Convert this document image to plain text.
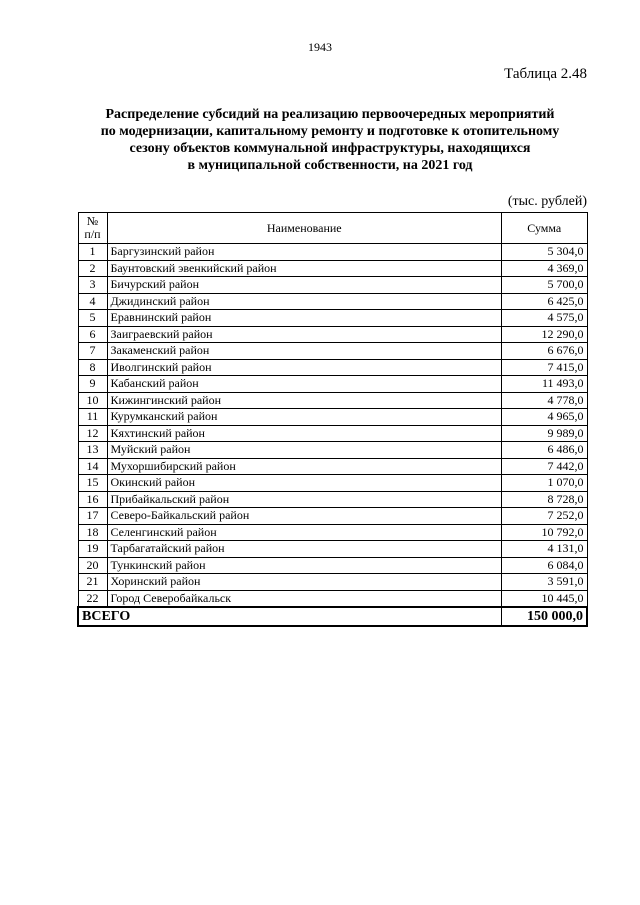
1943
Таблица 2.48
Распределение субсидий на реализацию первоочередных мероприятий
по модернизации, капитальному ремонту и подготовке к отопительному
сезону объектов коммунальной инфраструктуры, находящихся
в муниципальной собственности, на 2021 год
(тыс. рублей)
№
п/п	Наименование	Сумма
1	Баргузинский район	5 304,0
2	Баунтовский эвенкийский район	4 369,0
3	Бичурский район	5 700,0
4	Джидинский район	6 425,0
5	Еравнинский район	4 575,0
6	Заиграевский район	12 290,0
7	Закаменский район	6 676,0
8	Иволгинский район	7 415,0
9	Кабанский район	11 493,0
10	Кижингинский район	4 778,0
11	Курумканский район	4 965,0
12	Кяхтинский район	9 989,0
13	Муйский район	6 486,0
14	Мухоршибирский район	7 442,0
15	Окинский район	1 070,0
16	Прибайкальский район	8 728,0
17	Северо-Байкальский район	7 252,0
18	Селенгинский район	10 792,0
19	Тарбагатайский район	4 131,0
20	Тункинский район	6 084,0
21	Хоринский район	3 591,0
22	Город Северобайкальск	10 445,0
ВСЕГО		150 000,0
